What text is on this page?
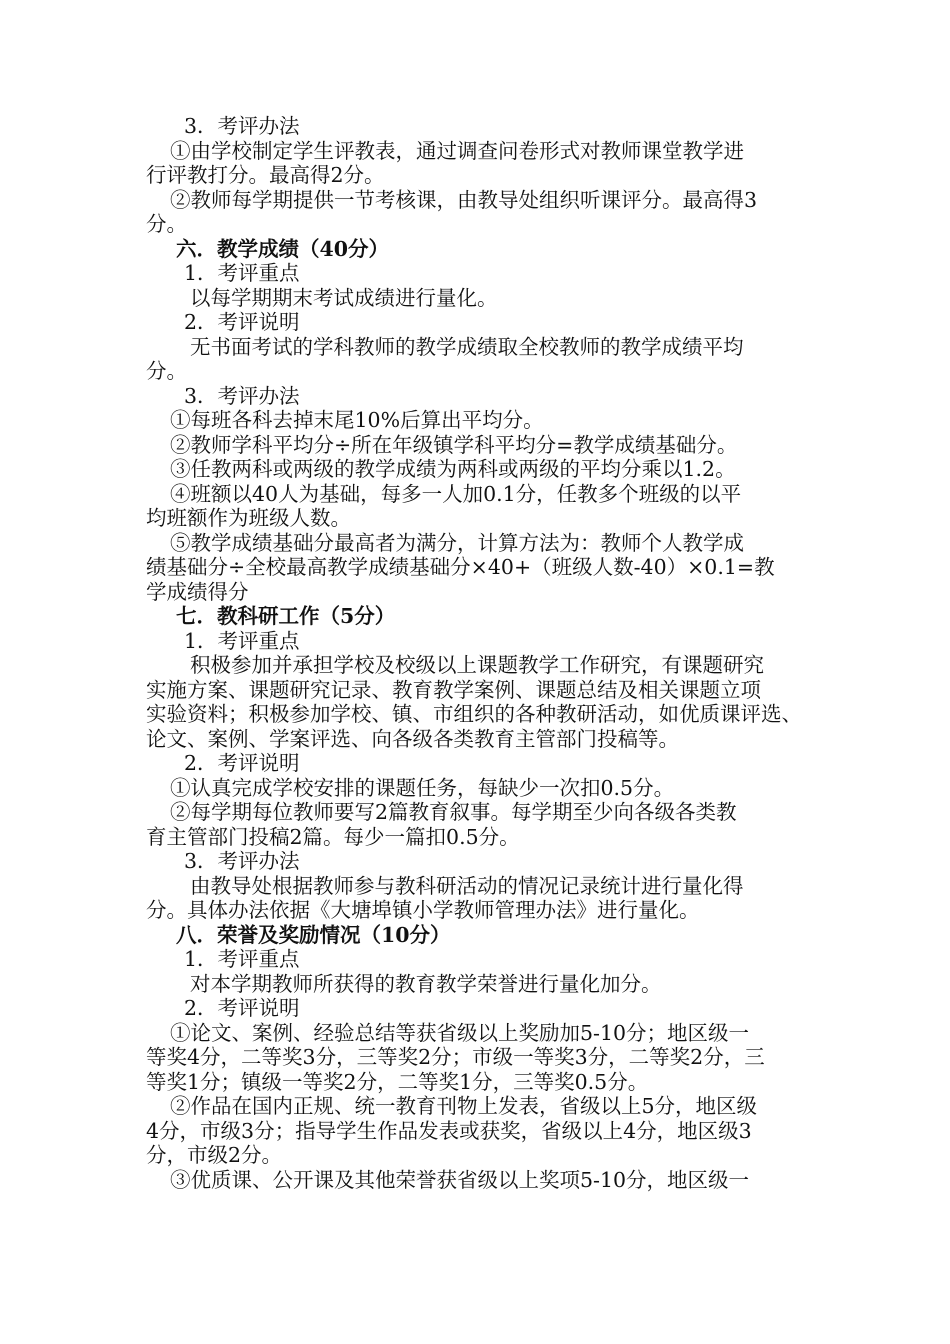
3．考评办法
①由学校制定学生评教表，通过调查问卷形式对教师课堂教学进
行评教打分。最高得2分。
②教师每学期提供一节考核课，由教导处组织听课评分。最高得3
分。
六．教学成绩（40分）
1．考评重点
以每学期期末考试成绩进行量化。
2．考评说明
无书面考试的学科教师的教学成绩取全校教师的教学成绩平均
分。
3．考评办法
①每班各科去掉末尾10%后算出平均分。
②教师学科平均分÷所在年级镇学科平均分=教学成绩基础分。
③任教两科或两级的教学成绩为两科或两级的平均分乘以1.2。
④班额以40人为基础，每多一人加0.1分，任教多个班级的以平
均班额作为班级人数。
⑤教学成绩基础分最高者为满分，计算方法为：教师个人教学成
绩基础分÷全校最高教学成绩基础分×40+（班级人数-40）×0.1=教
学成绩得分
七．教科研工作（5分）
1．考评重点
积极参加并承担学校及校级以上课题教学工作研究，有课题研究
实施方案、课题研究记录、教育教学案例、课题总结及相关课题立项
实验资料；积极参加学校、镇、市组织的各种教研活动，如优质课评选、
论文、案例、学案评选、向各级各类教育主管部门投稿等。
2．考评说明
①认真完成学校安排的课题任务，每缺少一次扣0.5分。
②每学期每位教师要写2篇教育叙事。每学期至少向各级各类教
育主管部门投稿2篇。每少一篇扣0.5分。
3．考评办法
由教导处根据教师参与教科研活动的情况记录统计进行量化得
分。具体办法依据《大塘埠镇小学教师管理办法》进行量化。
八．荣誉及奖励情况（10分）
1．考评重点
对本学期教师所获得的教育教学荣誉进行量化加分。
2．考评说明
①论文、案例、经验总结等获省级以上奖励加5-10分；地区级一
等奖4分，二等奖3分，三等奖2分；市级一等奖3分，二等奖2分，三
等奖1分；镇级一等奖2分，二等奖1分，三等奖0.5分。
②作品在国内正规、统一教育刊物上发表，省级以上5分，地区级
4分，市级3分；指导学生作品发表或获奖，省级以上4分，地区级3
分，市级2分。
③优质课、公开课及其他荣誉获省级以上奖项5-10分，地区级一
